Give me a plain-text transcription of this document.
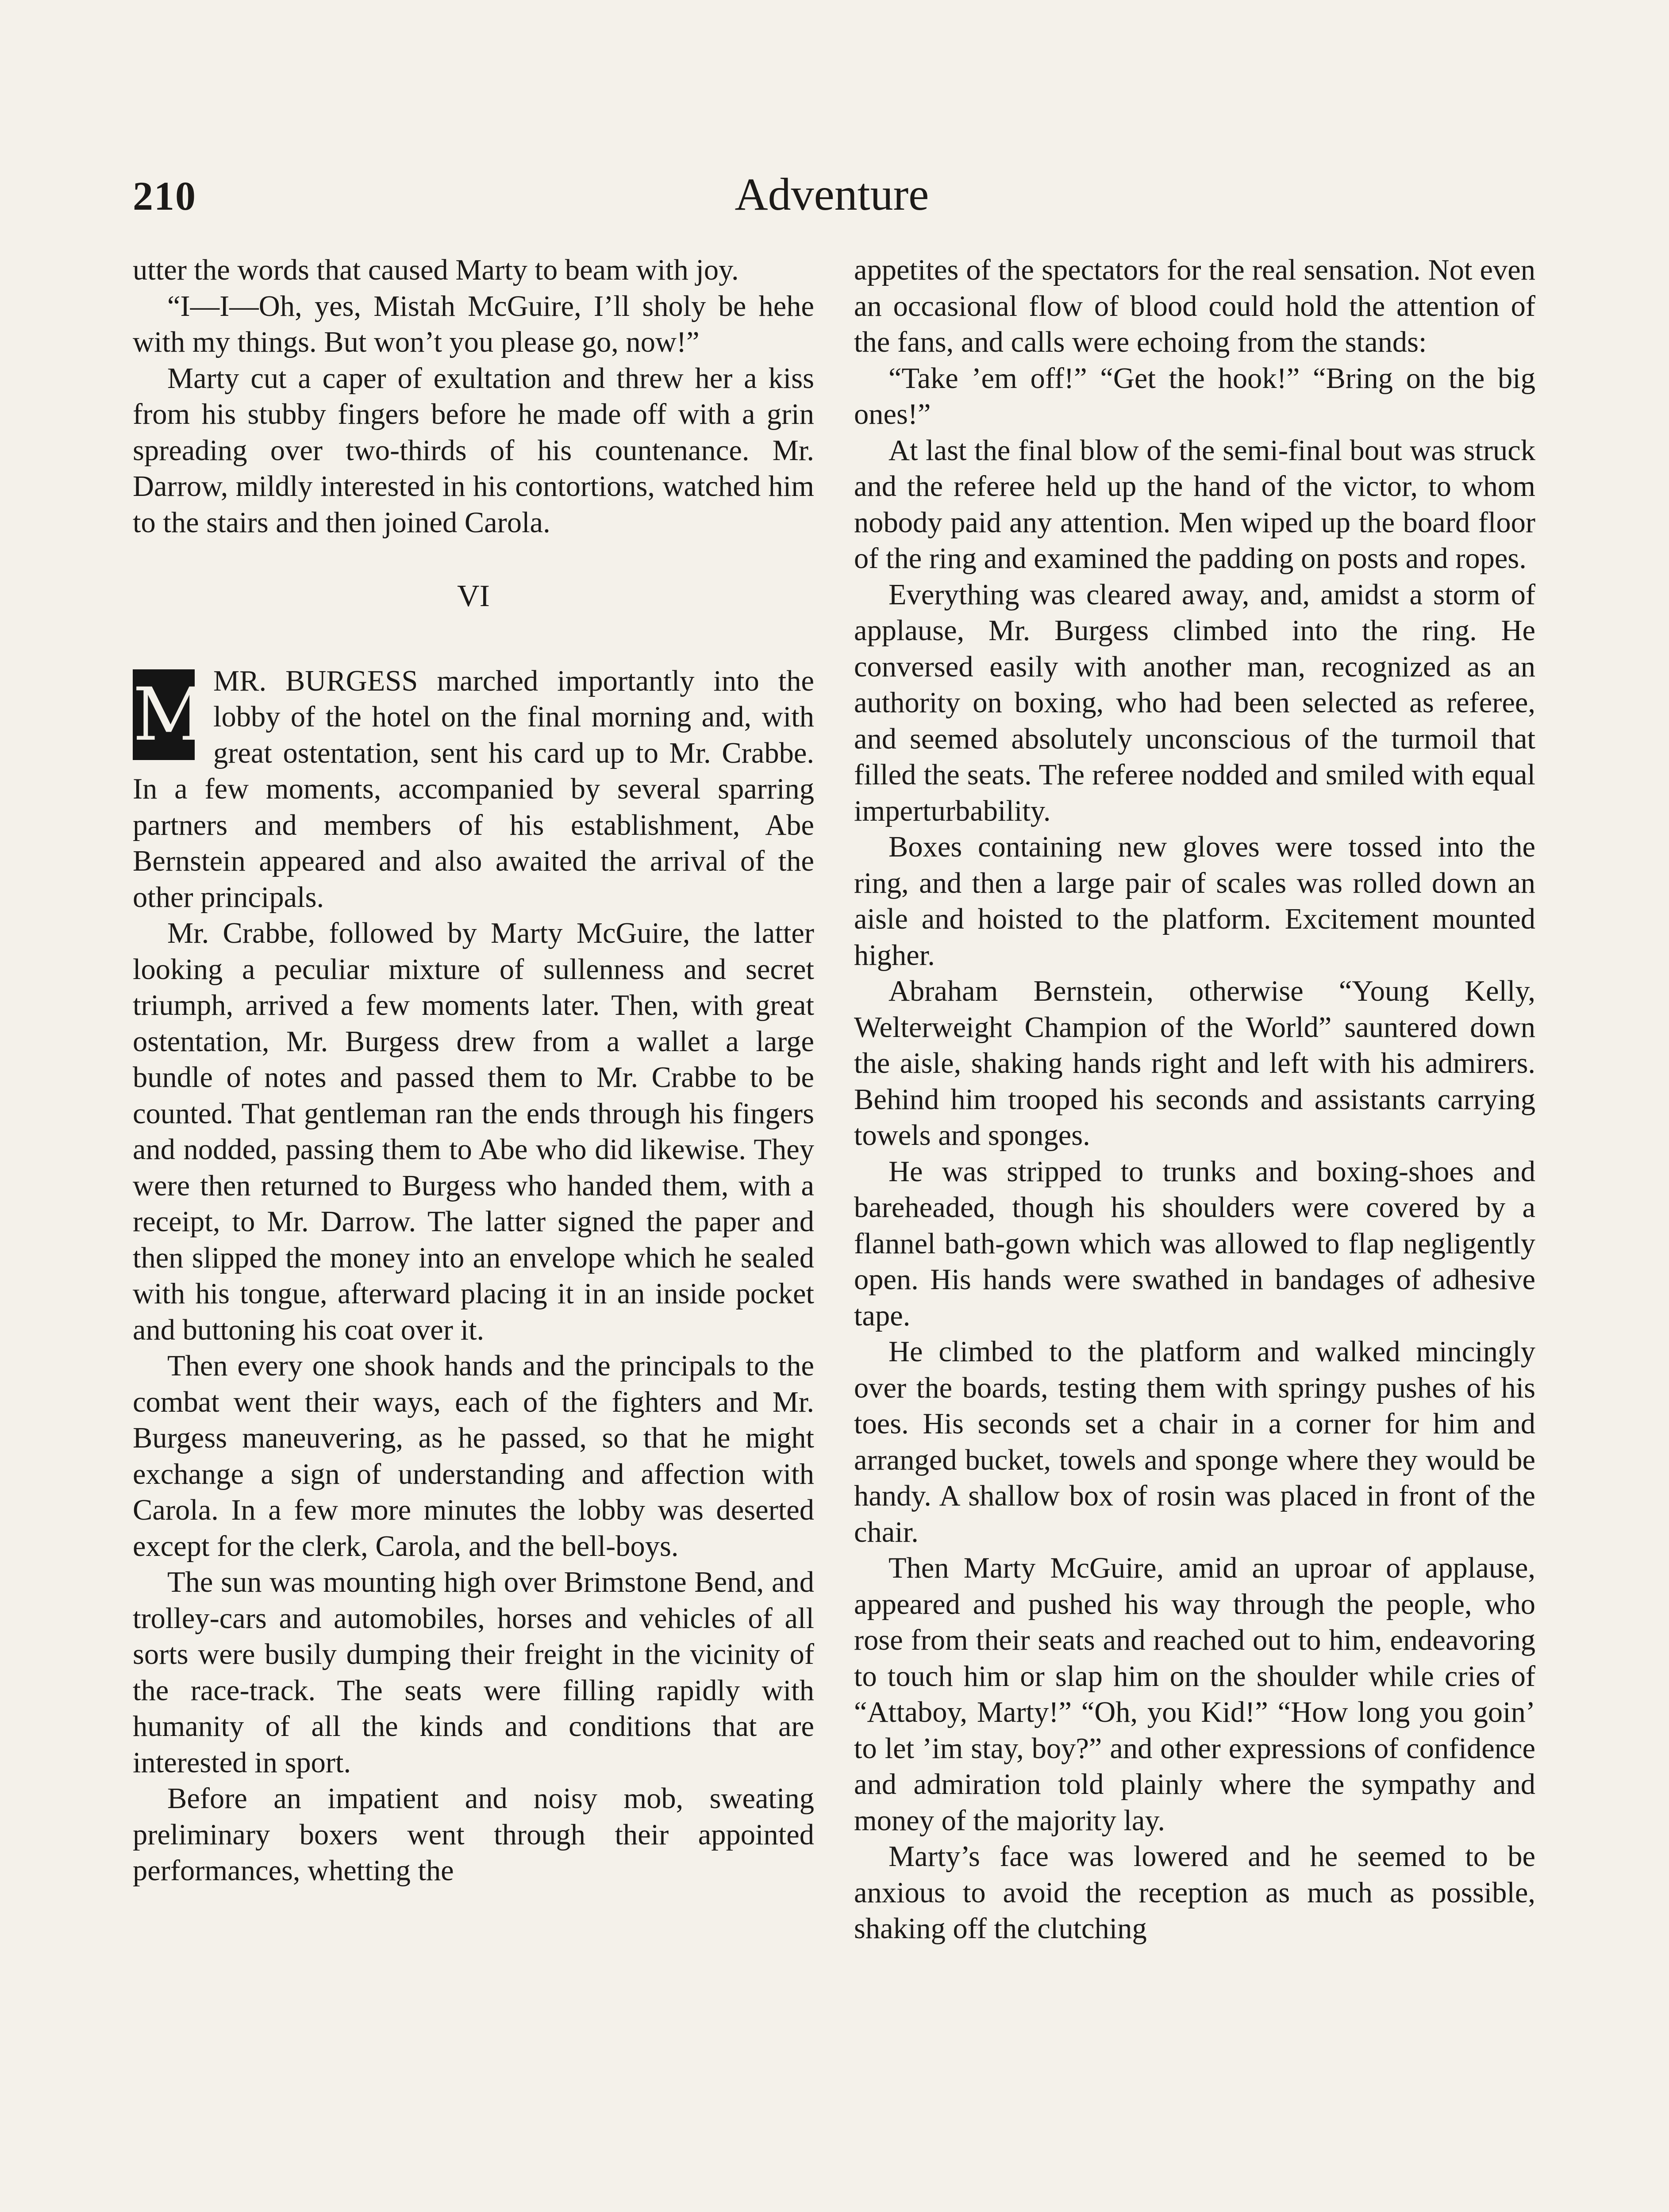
210	Adventure

utter the words that caused Marty to beam with joy.

“I—I—Oh, yes, Mistah McGuire, I’ll sholy be hehe with my things. But won’t you please go, now!”

Marty cut a caper of exultation and threw her a kiss from his stubby fingers before he made off with a grin spreading over two-thirds of his countenance. Mr. Darrow, mildly interested in his contortions, watched him to the stairs and then joined Carola.

VI

M MR. BURGESS marched importantly into the lobby of the hotel on the final morning and, with great ostentation, sent his card up to Mr. Crabbe. In a few moments, accompanied by several sparring partners and members of his establishment, Abe Bernstein appeared and also awaited the arrival of the other principals.

Mr. Crabbe, followed by Marty McGuire, the latter looking a peculiar mixture of sullenness and secret triumph, arrived a few moments later. Then, with great ostentation, Mr. Burgess drew from a wallet a large bundle of notes and passed them to Mr. Crabbe to be counted. That gentleman ran the ends through his fingers and nodded, passing them to Abe who did likewise. They were then returned to Burgess who handed them, with a receipt, to Mr. Darrow. The latter signed the paper and then slipped the money into an envelope which he sealed with his tongue, afterward placing it in an inside pocket and buttoning his coat over it.

Then every one shook hands and the principals to the combat went their ways, each of the fighters and Mr. Burgess maneuvering, as he passed, so that he might exchange a sign of understanding and affection with Carola. In a few more minutes the lobby was deserted except for the clerk, Carola, and the bell-boys.

The sun was mounting high over Brimstone Bend, and trolley-cars and automobiles, horses and vehicles of all sorts were busily dumping their freight in the vicinity of the race-track. The seats were filling rapidly with humanity of all the kinds and conditions that are interested in sport.

Before an impatient and noisy mob, sweating preliminary boxers went through their appointed performances, whetting the

appetites of the spectators for the real sensation. Not even an occasional flow of blood could hold the attention of the fans, and calls were echoing from the stands:

“Take ’em off!” “Get the hook!” “Bring on the big ones!”

At last the final blow of the semi-final bout was struck and the referee held up the hand of the victor, to whom nobody paid any attention. Men wiped up the board floor of the ring and examined the padding on posts and ropes.

Everything was cleared away, and, amidst a storm of applause, Mr. Burgess climbed into the ring. He conversed easily with another man, recognized as an authority on boxing, who had been selected as referee, and seemed absolutely unconscious of the turmoil that filled the seats. The referee nodded and smiled with equal imperturbability.

Boxes containing new gloves were tossed into the ring, and then a large pair of scales was rolled down an aisle and hoisted to the platform. Excitement mounted higher.

Abraham Bernstein, otherwise “Young Kelly, Welterweight Champion of the World” sauntered down the aisle, shaking hands right and left with his admirers. Behind him trooped his seconds and assistants carrying towels and sponges.

He was stripped to trunks and boxing-shoes and bareheaded, though his shoulders were covered by a flannel bath-gown which was allowed to flap negligently open. His hands were swathed in bandages of adhesive tape.

He climbed to the platform and walked mincingly over the boards, testing them with springy pushes of his toes. His seconds set a chair in a corner for him and arranged bucket, towels and sponge where they would be handy. A shallow box of rosin was placed in front of the chair.

Then Marty McGuire, amid an uproar of applause, appeared and pushed his way through the people, who rose from their seats and reached out to him, endeavoring to touch him or slap him on the shoulder while cries of “Attaboy, Marty!” “Oh, you Kid!” “How long you goin’ to let ’im stay, boy?” and other expressions of confidence and admiration told plainly where the sympathy and money of the majority lay.

Marty’s face was lowered and he seemed to be anxious to avoid the reception as much as possible, shaking off the clutching
